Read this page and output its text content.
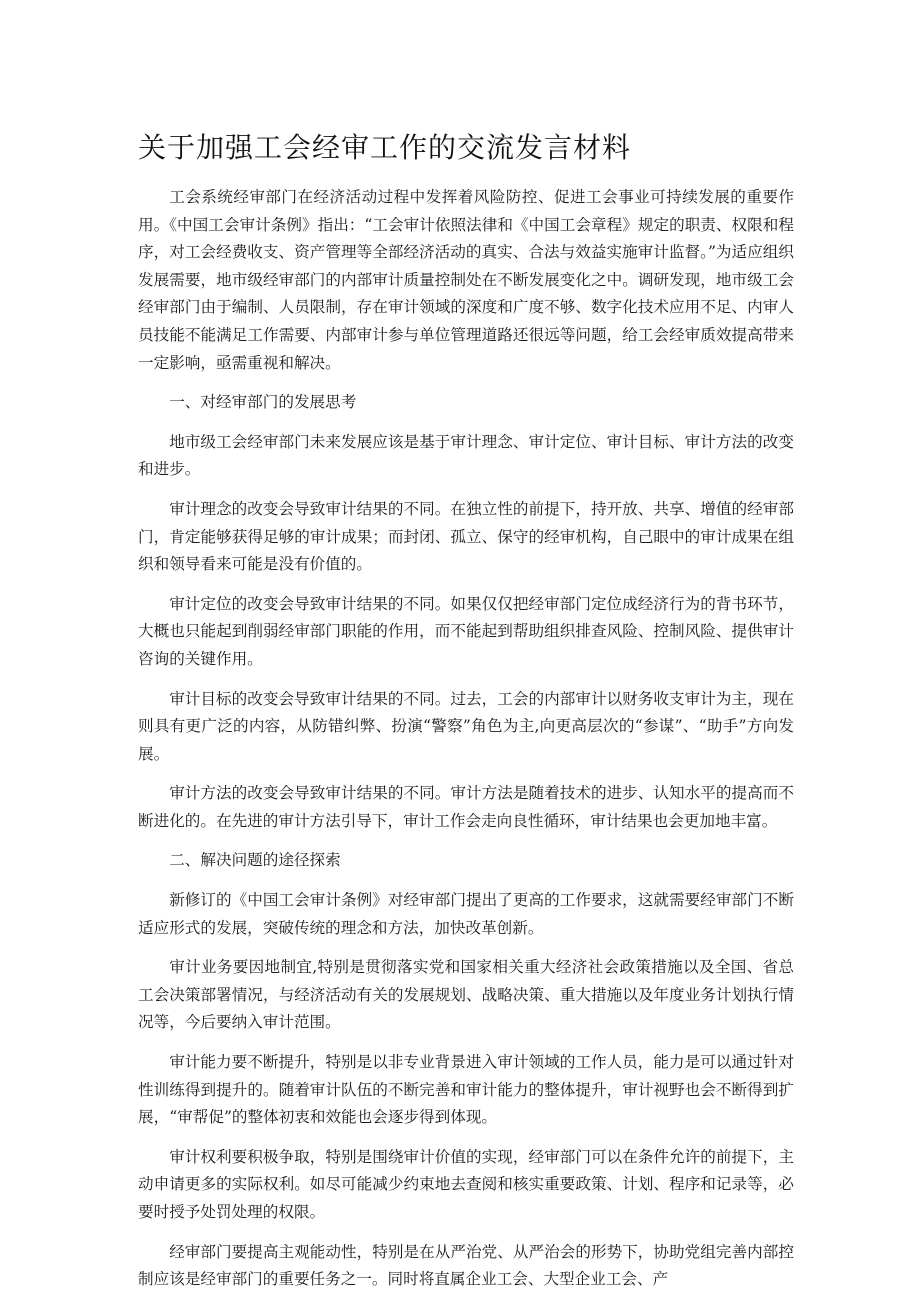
关于加强工会经审工作的交流发言材料

工会系统经审部门在经济活动过程中发挥着风险防控、促进工会事业可持续发展的重要作用。《中国工会审计条例》指出：“工会审计依照法律和《中国工会章程》规定的职责、权限和程序，对工会经费收支、资产管理等全部经济活动的真实、合法与效益实施审计监督。”为适应组织发展需要，地市级经审部门的内部审计质量控制处在不断发展变化之中。调研发现，地市级工会经审部门由于编制、人员限制，存在审计领域的深度和广度不够、数字化技术应用不足、内审人员技能不能满足工作需要、内部审计参与单位管理道路还很远等问题，给工会经审质效提高带来一定影响，亟需重视和解决。

一、对经审部门的发展思考

地市级工会经审部门未来发展应该是基于审计理念、审计定位、审计目标、审计方法的改变和进步。

审计理念的改变会导致审计结果的不同。在独立性的前提下，持开放、共享、增值的经审部门，肯定能够获得足够的审计成果；而封闭、孤立、保守的经审机构，自己眼中的审计成果在组织和领导看来可能是没有价值的。

审计定位的改变会导致审计结果的不同。如果仅仅把经审部门定位成经济行为的背书环节，大概也只能起到削弱经审部门职能的作用，而不能起到帮助组织排查风险、控制风险、提供审计咨询的关键作用。

审计目标的改变会导致审计结果的不同。过去，工会的内部审计以财务收支审计为主，现在则具有更广泛的内容，从防错纠弊、扮演“警察”角色为主,向更高层次的“参谋”、“助手”方向发展。

审计方法的改变会导致审计结果的不同。审计方法是随着技术的进步、认知水平的提高而不断进化的。在先进的审计方法引导下，审计工作会走向良性循环，审计结果也会更加地丰富。

二、解决问题的途径探索

新修订的《中国工会审计条例》对经审部门提出了更高的工作要求，这就需要经审部门不断适应形式的发展，突破传统的理念和方法，加快改革创新。

审计业务要因地制宜,特别是贯彻落实党和国家相关重大经济社会政策措施以及全国、省总工会决策部署情况，与经济活动有关的发展规划、战略决策、重大措施以及年度业务计划执行情况等，今后要纳入审计范围。

审计能力要不断提升，特别是以非专业背景进入审计领域的工作人员，能力是可以通过针对性训练得到提升的。随着审计队伍的不断完善和审计能力的整体提升，审计视野也会不断得到扩展，“审帮促”的整体初衷和效能也会逐步得到体现。

审计权利要积极争取，特别是围绕审计价值的实现，经审部门可以在条件允许的前提下，主动申请更多的实际权利。如尽可能减少约束地去查阅和核实重要政策、计划、程序和记录等，必要时授予处罚处理的权限。

经审部门要提高主观能动性，特别是在从严治党、从严治会的形势下，协助党组完善内部控制应该是经审部门的重要任务之一。同时将直属企业工会、大型企业工会、产
